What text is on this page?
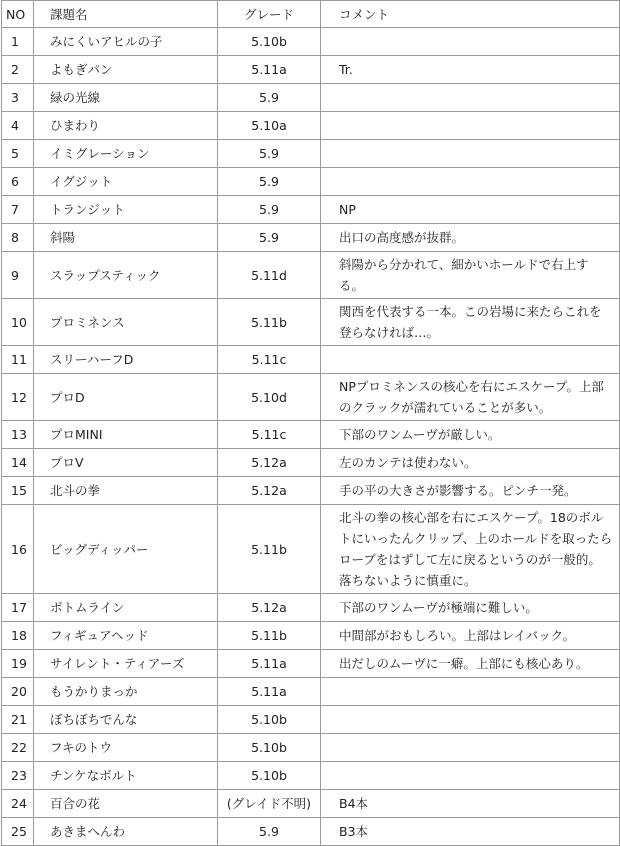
NO	課題名	グレード	コメント
1	みにくいアヒルの子	5.10b	
2	よもぎパン	5.11a	Tr.
3	緑の光線	5.9	
4	ひまわり	5.10a	
5	イミグレーション	5.9	
6	イグジット	5.9	
7	トランジット	5.9	NP
8	斜陽	5.9	出口の高度感が抜群。
9	スラップスティック	5.11d	斜陽から分かれて、細かいホールドで右上する。
10	プロミネンス	5.11b	関西を代表する一本。この岩場に来たらこれを登らなければ…。
11	スリーハーフD	5.11c	
12	プロD	5.10d	NPプロミネンスの核心を右にエスケープ。上部のクラックが濡れていることが多い。
13	プロMINI	5.11c	下部のワンムーヴが厳しい。
14	プロV	5.12a	左のカンテは使わない。
15	北斗の拳	5.12a	手の平の大きさが影響する。ピンチ一発。
16	ビッグディッパー	5.11b	北斗の拳の核心部を右にエスケープ。18のボルトにいったんクリップ、上のホールドを取ったらロープをはずして左に戻るというのが一般的。落ちないように慎重に。
17	ボトムライン	5.12a	下部のワンムーヴが極端に難しい。
18	フィギュアヘッド	5.11b	中間部がおもしろい。上部はレイバック。
19	サイレント・ティアーズ	5.11a	出だしのムーヴに一癖。上部にも核心あり。
20	もうかりまっか	5.11a	
21	ぼちぼちでんな	5.10b	
22	フキのトウ	5.10b	
23	チンケなボルト	5.10b	
24	百合の花	(グレイド不明)	B4本
25	あきまへんわ	5.9	B3本
